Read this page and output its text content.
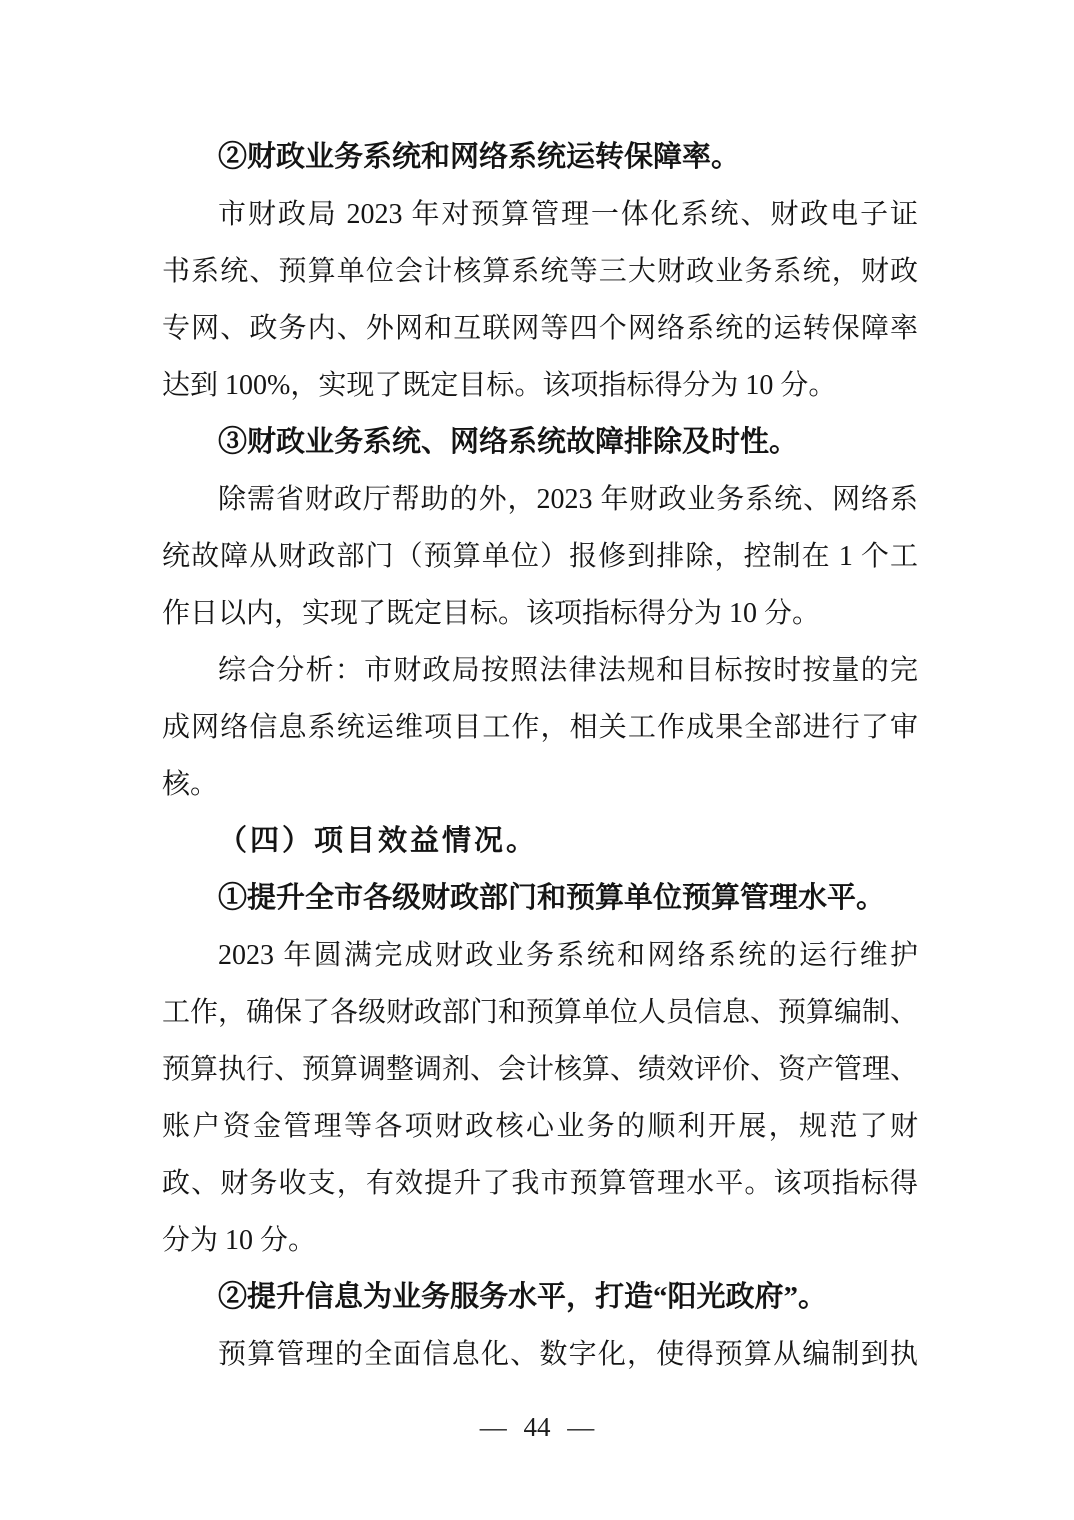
②财政业务系统和网络系统运转保障率。
市财政局 2023 年对预算管理一体化系统、财政电子证
书系统、预算单位会计核算系统等三大财政业务系统，财政
专网、政务内、外网和互联网等四个网络系统的运转保障率
达到 100%，实现了既定目标。该项指标得分为 10 分。
③财政业务系统、网络系统故障排除及时性。
除需省财政厅帮助的外，2023 年财政业务系统、网络系
统故障从财政部门（预算单位）报修到排除，控制在 1 个工
作日以内，实现了既定目标。该项指标得分为 10 分。
综合分析：市财政局按照法律法规和目标按时按量的完
成网络信息系统运维项目工作，相关工作成果全部进行了审
核。
（四）项目效益情况。
①提升全市各级财政部门和预算单位预算管理水平。
2023 年圆满完成财政业务系统和网络系统的运行维护
工作，确保了各级财政部门和预算单位人员信息、预算编制、
预算执行、预算调整调剂、会计核算、绩效评价、资产管理、
账户资金管理等各项财政核心业务的顺利开展，规范了财
政、财务收支，有效提升了我市预算管理水平。该项指标得
分为 10 分。
②提升信息为业务服务水平，打造“阳光政府”。
预算管理的全面信息化、数字化，使得预算从编制到执
— 44 —
